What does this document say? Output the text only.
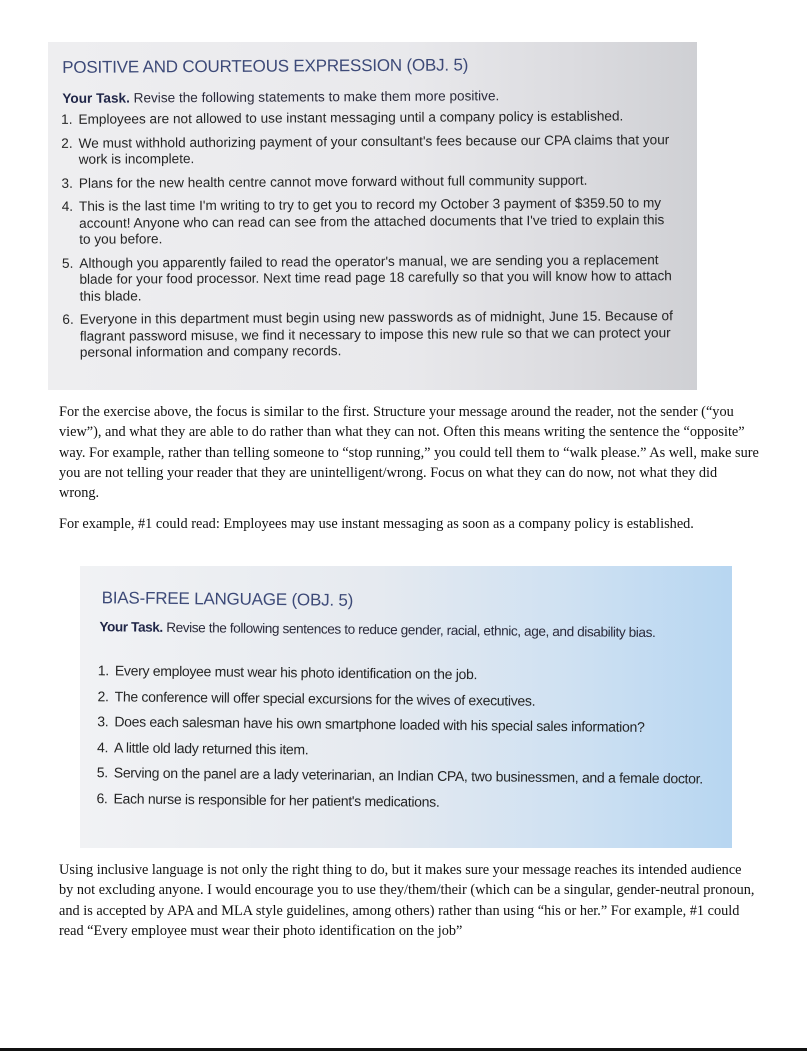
POSITIVE AND COURTEOUS EXPRESSION (OBJ. 5)
Your Task. Revise the following statements to make them more positive.
1. Employees are not allowed to use instant messaging until a company policy is established.
2. We must withhold authorizing payment of your consultant's fees because our CPA claims that your work is incomplete.
3. Plans for the new health centre cannot move forward without full community support.
4. This is the last time I'm writing to try to get you to record my October 3 payment of $359.50 to my account! Anyone who can read can see from the attached documents that I've tried to explain this to you before.
5. Although you apparently failed to read the operator's manual, we are sending you a replacement blade for your food processor. Next time read page 18 carefully so that you will know how to attach this blade.
6. Everyone in this department must begin using new passwords as of midnight, June 15. Because of flagrant password misuse, we find it necessary to impose this new rule so that we can protect your personal information and company records.

For the exercise above, the focus is similar to the first. Structure your message around the reader, not the sender (“you view”), and what they are able to do rather than what they can not. Often this means writing the sentence the “opposite” way. For example, rather than telling someone to “stop running,” you could tell them to “walk please.” As well, make sure you are not telling your reader that they are unintelligent/wrong. Focus on what they can do now, not what they did wrong.

For example, #1 could read: Employees may use instant messaging as soon as a company policy is established.

BIAS-FREE LANGUAGE (OBJ. 5)
Your Task. Revise the following sentences to reduce gender, racial, ethnic, age, and disability bias.
1. Every employee must wear his photo identification on the job.
2. The conference will offer special excursions for the wives of executives.
3. Does each salesman have his own smartphone loaded with his special sales information?
4. A little old lady returned this item.
5. Serving on the panel are a lady veterinarian, an Indian CPA, two businessmen, and a female doctor.
6. Each nurse is responsible for her patient's medications.

Using inclusive language is not only the right thing to do, but it makes sure your message reaches its intended audience by not excluding anyone. I would encourage you to use they/them/their (which can be a singular, gender-neutral pronoun, and is accepted by APA and MLA style guidelines, among others) rather than using “his or her.” For example, #1 could read “Every employee must wear their photo identification on the job”
